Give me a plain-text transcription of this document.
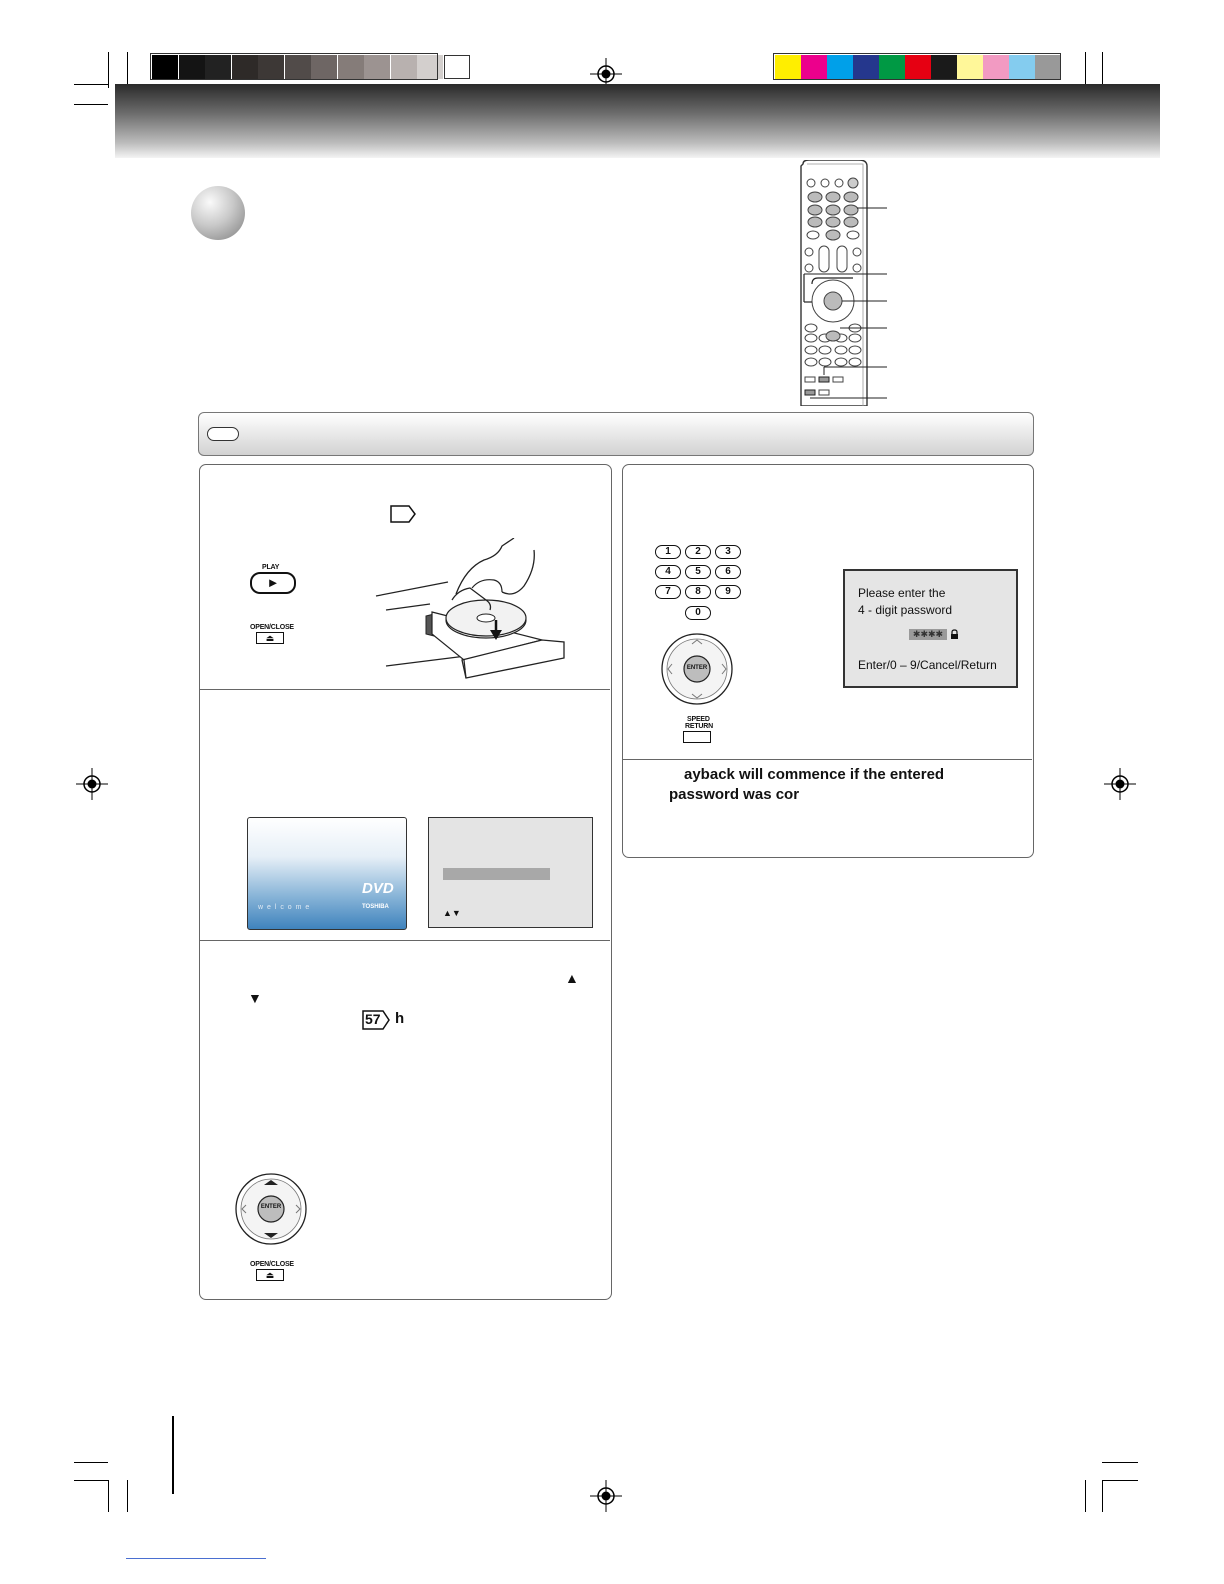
PLAY
►
OPEN/CLOSE
⏏
w e l c o m e
DVD
TOSHIBA
▲▼
▲
▼
57 h
ENTER
OPEN/CLOSE
⏏
1	2	3
4	5	6
7	8	9
0
ENTER
SPEED
RETURN
Please enter the
4 - digit password
✱✱✱✱
Enter/0 – 9/Cancel/Return
ayback will commence if the entered
password was cor
